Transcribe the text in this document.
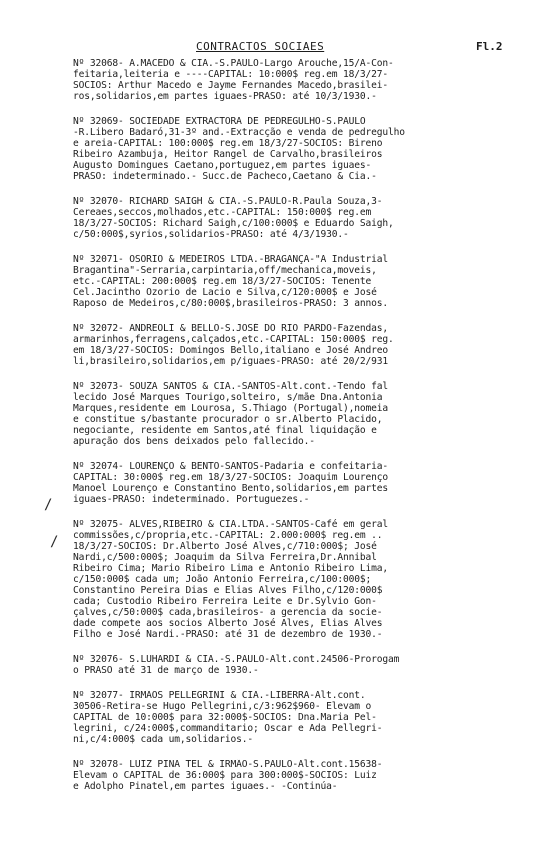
CONTRACTOS SOCIAES	Fl.2
Nº 32068- A.MACEDO & CIA.-S.PAULO-Largo Arouche,15/A-Con-
feitaria,leiteria e ----CAPITAL: 10:000$ reg.em 18/3/27-
SOCIOS: Arthur Macedo e Jayme Fernandes Macedo,brasilei-
ros,solidarios,em partes iguaes-PRASO: até 10/3/1930.-
Nº 32069- SOCIEDADE EXTRACTORA DE PEDREGULHO-S.PAULO
-R.Libero Badaró,31-3º and.-Extracção e venda de pedregulho
e areia-CAPITAL: 100:000$ reg.em 18/3/27-SOCIOS: Bireno
Ribeiro Azambuja, Heitor Rangel de Carvalho,brasileiros
Augusto Domingues Caetano,portuguez,em partes iguaes-
PRASO: indeterminado.- Succ.de Pacheco,Caetano & Cia.-
Nº 32070- RICHARD SAIGH & CIA.-S.PAULO-R.Paula Souza,3-
Cereaes,seccos,molhados,etc.-CAPITAL: 150:000$ reg.em
18/3/27-SOCIOS: Richard Saigh,c/100:000$ e Eduardo Saigh,
c/50:000$,syrios,solidarios-PRASO: até 4/3/1930.-
Nº 32071- OSORIO & MEDEIROS LTDA.-BRAGANÇA-"A Industrial
Bragantina"-Serraria,carpintaria,off/mechanica,moveis,
etc.-CAPITAL: 200:000$ reg.em 18/3/27-SOCIOS: Tenente
Cel.Jacintho Ozorio de Lacio e Silva,c/120:000$ e José
Raposo de Medeiros,c/80:000$,brasileiros-PRASO: 3 annos.
Nº 32072- ANDREOLI & BELLO-S.JOSÉ DO RIO PARDO-Fazendas,
armarinhos,ferragens,calçados,etc.-CAPITAL: 150:000$ reg.
em 18/3/27-SOCIOS: Domingos Bello,italiano e José Andreo
li,brasileiro,solidarios,em p/iguaes-PRASO: até 20/2/931
Nº 32073- SOUZA SANTOS & CIA.-SANTOS-Alt.cont.-Tendo fal
lecido José Marques Tourigo,solteiro, s/mãe Dna.Antonia
Marques,residente em Lourosa, S.Thiago (Portugal),nomeia
e constitue s/bastante procurador o sr.Alberto Placido,
negociante, residente em Santos,até final liquidação e
apuração dos bens deixados pelo fallecido.-
Nº 32074- LOURENÇO & BENTO-SANTOS-Padaria e confeitaria-
CAPITAL: 30:000$ reg.em 18/3/27-SOCIOS: Joaquim Lourenço
Manoel Lourenço e Constantino Bento,solidarios,em partes
iguaes-PRASO: indeterminado. Portuguezes.-
Nº 32075- ALVES,RIBEIRO & CIA.LTDA.-SANTOS-Café em geral
commissões,c/propria,etc.-CAPITAL: 2.000:000$ reg.em ..
18/3/27-SOCIOS: Dr.Alberto José Alves,c/710:000$; José
Nardi,c/500:000$; Joaquim da Silva Ferreira,Dr.Annibal
Ribeiro Cima; Mario Ribeiro Lima e Antonio Ribeiro Lima,
c/150:000$ cada um; João Antonio Ferreira,c/100:000$;
Constantino Pereira Dias e Elias Alves Filho,c/120:000$
cada; Custodio Ribeiro Ferreira Leite e Dr.Sylvio Gon-
çalves,c/50:000$ cada,brasileiros- a gerencia da socie-
dade compete aos socios Alberto José Alves, Elias Alves
Filho e José Nardi.-PRASO: até 31 de dezembro de 1930.-
Nº 32076- S.LUHARDI & CIA.-S.PAULO-Alt.cont.24506-Prorogam
o PRASO até 31 de março de 1930.-
Nº 32077- IRMÃOS PELLEGRINI & CIA.-LIBERRA-Alt.cont.
30506-Retira-se Hugo Pellegrini,c/3:962$960- Elevam o
CAPITAL de 10:000$ para 32:000$-SOCIOS: Dna.Maria Pel-
legrini, c/24:000$,commanditario; Oscar e Ada Pellegri-
ni,c/4:000$ cada um,solidarios.-
Nº 32078- LUIZ PINA TEL & IRMÃO-S.PAULO-Alt.cont.15638-
Elevam o CAPITAL de 36:000$ para 300:000$-SOCIOS: Luiz
e Adolpho Pinatel,em partes iguaes.- -Continúa-
/
/
